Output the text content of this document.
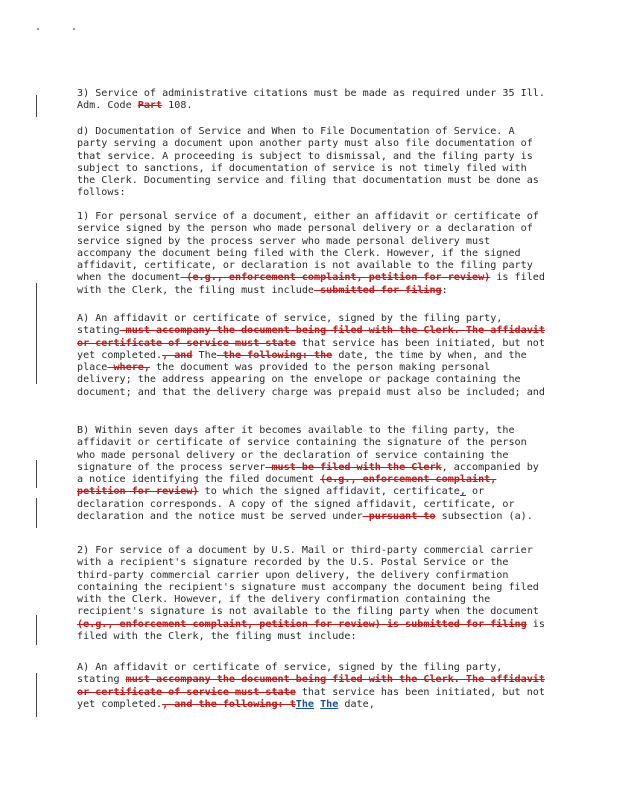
3) Service of administrative citations must be made as required under 35 Ill. Adm. Code Part 108.

d) Documentation of Service and When to File Documentation of Service. A party serving a document upon another party must also file documentation of that service. A proceeding is subject to dismissal, and the filing party is subject to sanctions, if documentation of service is not timely filed with the Clerk. Documenting service and filing that documentation must be done as follows:

1) For personal service of a document, either an affidavit or certificate of service signed by the person who made personal delivery or a declaration of service signed by the process server who made personal delivery must accompany the document being filed with the Clerk. However, if the signed affidavit, certificate, or declaration is not available to the filing party when the document (e.g., enforcement complaint, petition for review) is filed with the Clerk, the filing must include submitted for filing:

A) An affidavit or certificate of service, signed by the filing party, stating must accompany the document being filed with the Clerk. The affidavit or certificate of service must state that service has been initiated, but not yet completed., and The the following: the date, the time by when, and the place where, the document was provided to the person making personal delivery; the address appearing on the envelope or package containing the document; and that the delivery charge was prepaid must also be included; and

B) Within seven days after it becomes available to the filing party, the affidavit or certificate of service containing the signature of the person who made personal delivery or the declaration of service containing the signature of the process server must be filed with the Clerk, accompanied by a notice identifying the filed document (e.g., enforcement complaint, petition for review) to which the signed affidavit, certificate, or declaration corresponds. A copy of the signed affidavit, certificate, or declaration and the notice must be served under pursuant to subsection (a).

2) For service of a document by U.S. Mail or third-party commercial carrier with a recipient's signature recorded by the U.S. Postal Service or the third-party commercial carrier upon delivery, the delivery confirmation containing the recipient's signature must accompany the document being filed with the Clerk. However, if the delivery confirmation containing the recipient's signature is not available to the filing party when the document (e.g., enforcement complaint, petition for review) is submitted for filing is filed with the Clerk, the filing must include:

A) An affidavit or certificate of service, signed by the filing party, stating must accompany the document being filed with the Clerk. The affidavit or certificate of service must state that service has been initiated, but not yet completed., and the following: tThe The date,
